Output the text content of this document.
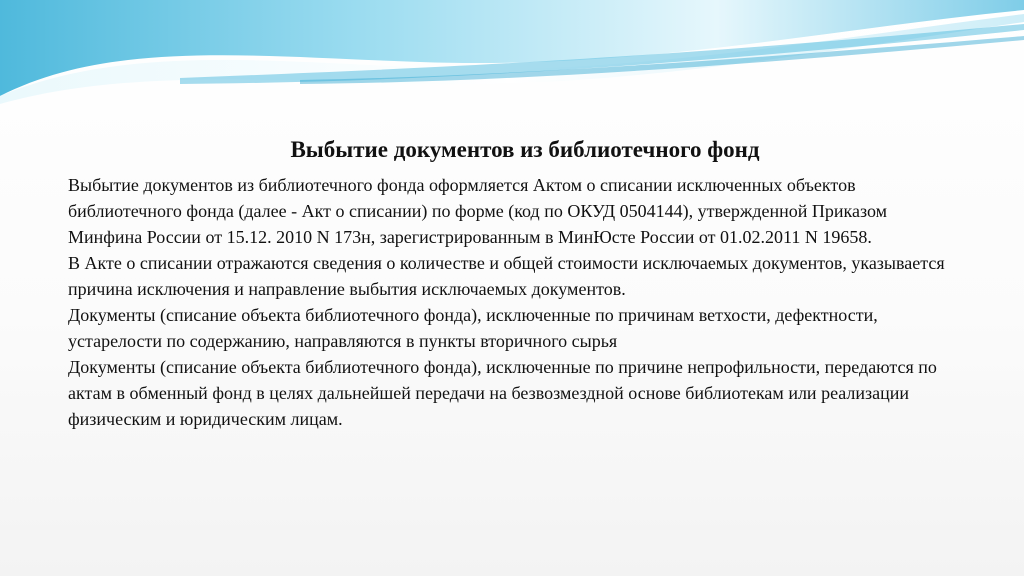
Выбытие документов из библиотечного фонд

Выбытие документов из библиотечного фонда оформляется Актом о списании исключенных объектов библиотечного фонда (далее - Акт о списании) по форме (код по ОКУД 0504144), утвержденной Приказом Минфина России от 15.12. 2010 N 173н, зарегистрированным в МинЮсте России от 01.02.2011 N 19658.

В Акте о списании отражаются сведения о количестве и общей стоимости исключаемых документов, указывается причина исключения и направление выбытия исключаемых документов.

Документы (списание объекта библиотечного фонда), исключенные по причинам ветхости, дефектности, устарелости по содержанию, направляются в пункты вторичного сырья

Документы (списание объекта библиотечного фонда), исключенные по причине непрофильности, передаются по актам в обменный фонд в целях дальнейшей передачи на безвозмездной основе библиотекам или реализации физическим и юридическим лицам.
